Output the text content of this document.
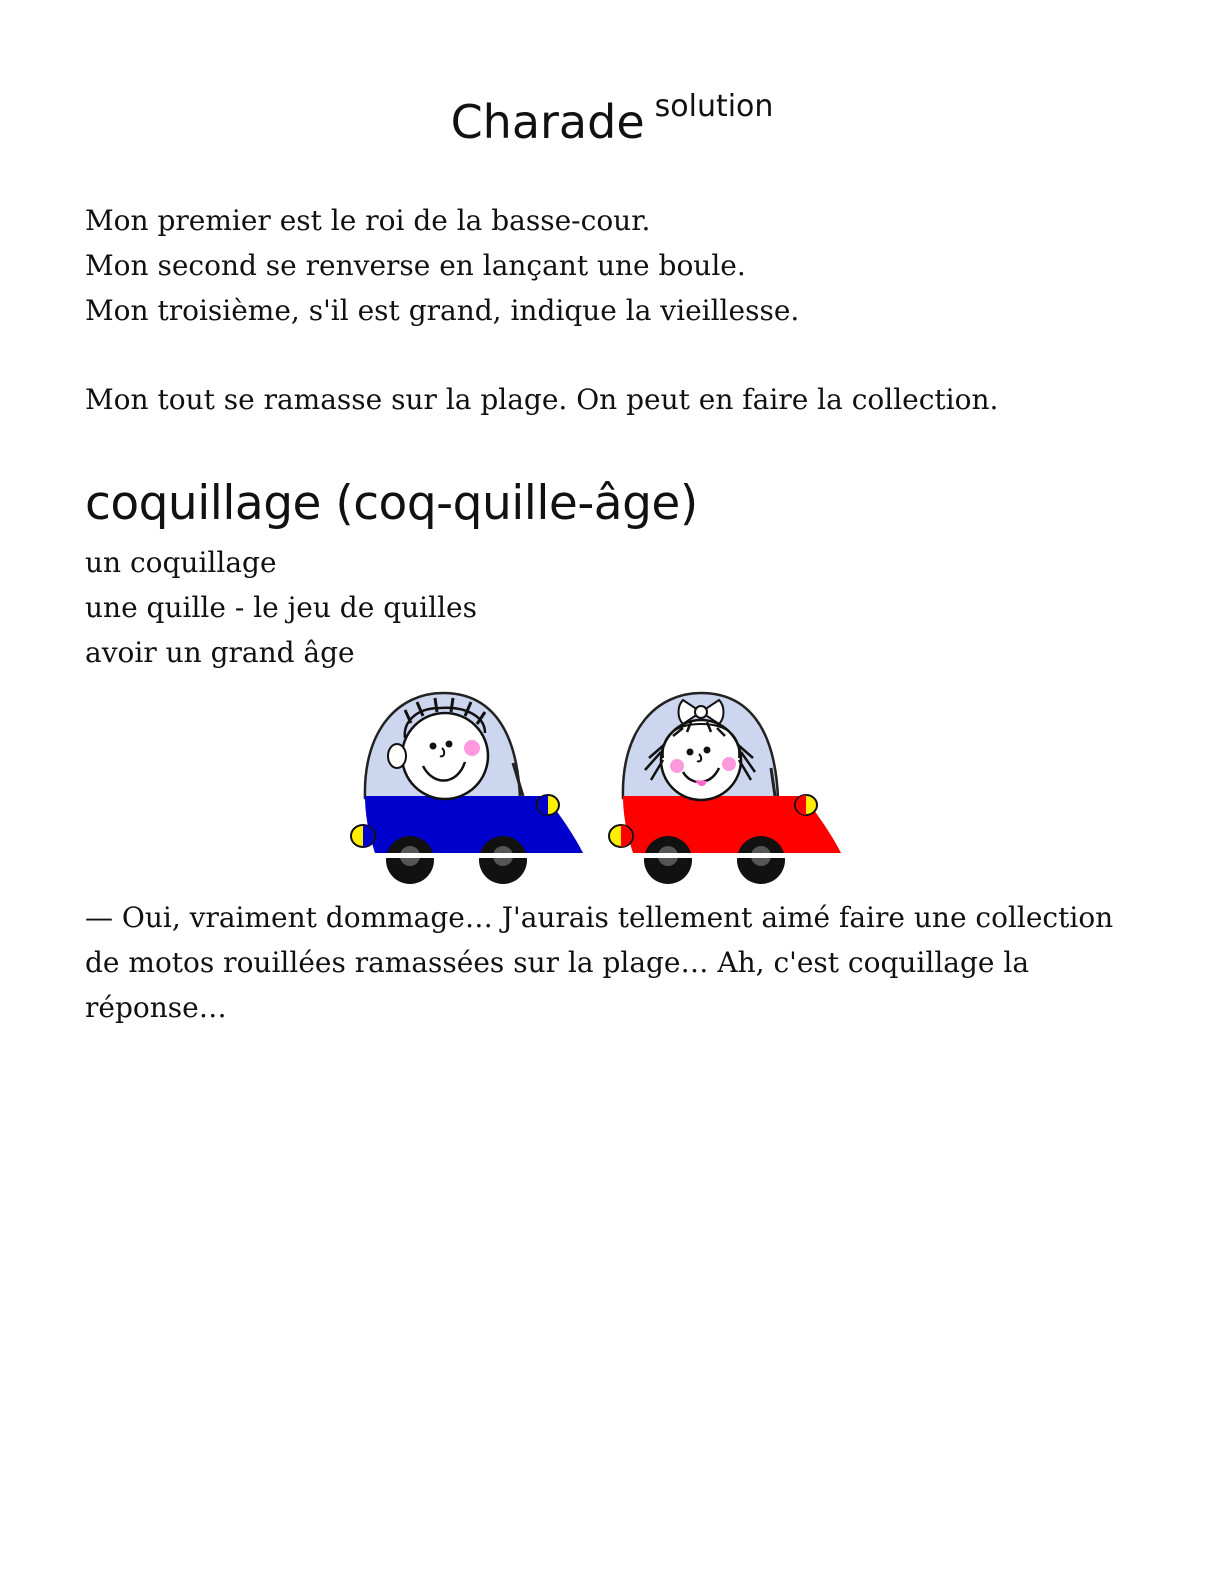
Charade $^{solution}$

Mon premier est le roi de la basse-cour.

Mon second se renverse en lançant une boule.

Mon troisième, s'il est grand, indique la vieillesse.

Mon tout se ramasse sur la plage. On peut en faire la collection.

coquillage (coq-quille-âge)

un coquillage

une quille - le jeu de quilles

avoir un grand âge

— Oui, vraiment dommage… J'aurais tellement aimé faire une collection de motos rouillées ramassées sur la plage… Ah, c'est coquillage la réponse…
